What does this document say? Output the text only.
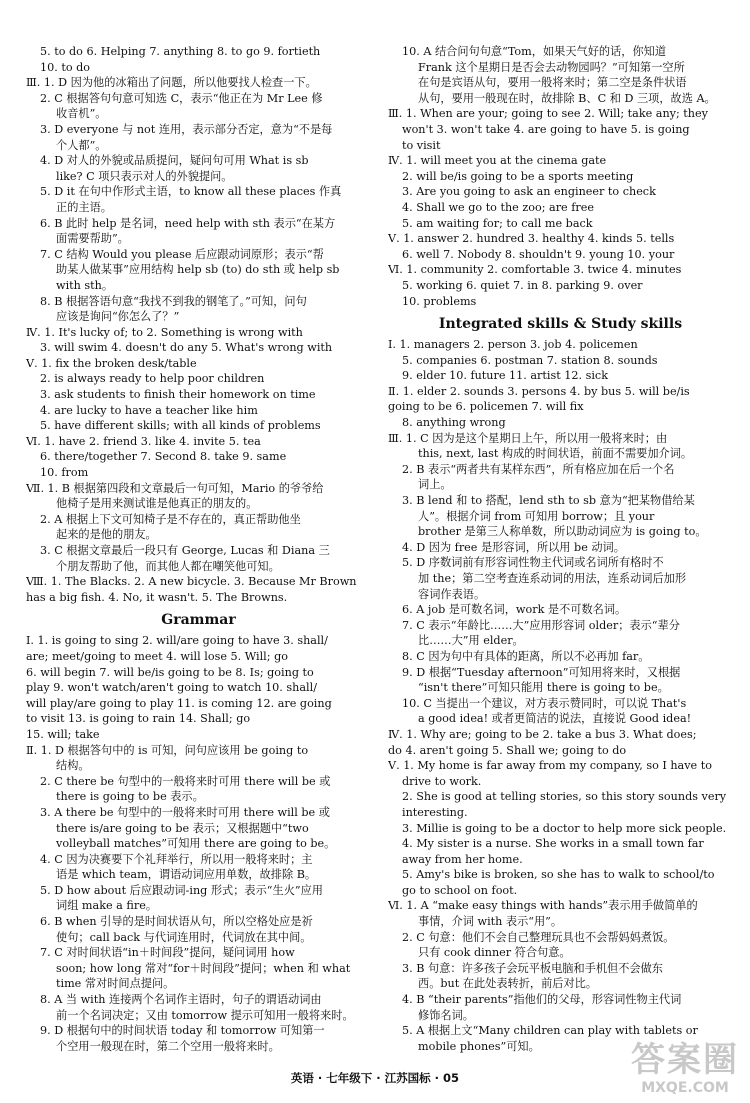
5. to do 6. Helping 7. anything 8. to go 9. fortieth
10. to do
Ⅲ. 1. D 因为他的冰箱出了问题，所以他要找人检查一下。
2. C 根据答句句意可知选 C，表示“他正在为 Mr Lee 修
收音机”。
3. D everyone 与 not 连用，表示部分否定，意为“不是每
个人都”。
4. D 对人的外貌或品质提问，疑问句可用 What is sb
like? C 项只表示对人的外貌提问。
5. D it 在句中作形式主语，to know all these places 作真
正的主语。
6. B 此时 help 是名词，need help with sth 表示“在某方
面需要帮助”。
7. C 结构 Would you please 后应跟动词原形；表示“帮
助某人做某事”应用结构 help sb (to) do sth 或 help sb
with sth。
8. B 根据答语句意“我找不到我的钢笔了。”可知，问句
应该是询问“你怎么了？”
Ⅳ. 1. It's lucky of; to 2. Something is wrong with
3. will swim 4. doesn't do any 5. What's wrong with
Ⅴ. 1. fix the broken desk/table
2. is always ready to help poor children
3. ask students to finish their homework on time
4. are lucky to have a teacher like him
5. have different skills; with all kinds of problems
Ⅵ. 1. have 2. friend 3. like 4. invite 5. tea
6. there/together 7. Second 8. take 9. same
10. from
Ⅶ. 1. B 根据第四段和文章最后一句可知，Mario 的爷爷给
他椅子是用来测试谁是他真正的朋友的。
2. A 根据上下文可知椅子是不存在的，真正帮助他坐
起来的是他的朋友。
3. C 根据文章最后一段只有 George, Lucas 和 Diana 三
个朋友帮助了他，而其他人都在嘲笑他可知。
Ⅷ. 1. The Blacks. 2. A new bicycle. 3. Because Mr Brown
has a big fish. 4. No, it wasn't. 5. The Browns.
Grammar
Ⅰ. 1. is going to sing 2. will/are going to have 3. shall/
are; meet/going to meet 4. will lose 5. Will; go
6. will begin 7. will be/is going to be 8. Is; going to
play 9. won't watch/aren't going to watch 10. shall/
will play/are going to play 11. is coming 12. are going
to visit 13. is going to rain 14. Shall; go
15. will; take
Ⅱ. 1. D 根据答句中的 is 可知，问句应该用 be going to
结构。
2. C there be 句型中的一般将来时可用 there will be 或
there is going to be 表示。
3. A there be 句型中的一般将来时可用 there will be 或
there is/are going to be 表示；又根据题中“two
volleyball matches”可知用 there are going to be。
4. C 因为决赛要下个礼拜举行，所以用一般将来时；主
语是 which team，谓语动词应用单数，故排除 B。
5. D how about 后应跟动词-ing 形式；表示“生火”应用
词组 make a fire。
6. B when 引导的是时间状语从句，所以空格处应是祈
使句；call back 与代词连用时，代词放在其中间。
7. C 对时间状语“in＋时间段”提问，疑问词用 how
soon; how long 常对“for＋时间段”提问；when 和 what
time 常对时间点提问。
8. A 当 with 连接两个名词作主语时，句子的谓语动词由
前一个名词决定；又由 tomorrow 提示可知用一般将来时。
9. D 根据句中的时间状语 today 和 tomorrow 可知第一
个空用一般现在时，第二个空用一般将来时。
10. A 结合问句句意“Tom，如果天气好的话，你知道
Frank 这个星期日是否会去动物园吗？”可知第一空所
在句是宾语从句，要用一般将来时；第二空是条件状语
从句，要用一般现在时，故排除 B、C 和 D 三项，故选 A。
Ⅲ. 1. When are your; going to see 2. Will; take any; they
won't 3. won't take 4. are going to have 5. is going
to visit
Ⅳ. 1. will meet you at the cinema gate
2. will be/is going to be a sports meeting
3. Are you going to ask an engineer to check
4. Shall we go to the zoo; are free
5. am waiting for; to call me back
Ⅴ. 1. answer 2. hundred 3. healthy 4. kinds 5. tells
6. well 7. Nobody 8. shouldn't 9. young 10. your
Ⅵ. 1. community 2. comfortable 3. twice 4. minutes
5. working 6. quiet 7. in 8. parking 9. over
10. problems
Integrated skills & Study skills
Ⅰ. 1. managers 2. person 3. job 4. policemen
5. companies 6. postman 7. station 8. sounds
9. elder 10. future 11. artist 12. sick
Ⅱ. 1. elder 2. sounds 3. persons 4. by bus 5. will be/is
going to be 6. policemen 7. will fix
8. anything wrong
Ⅲ. 1. C 因为是这个星期日上午，所以用一般将来时；由
this, next, last 构成的时间状语，前面不需要加介词。
2. B 表示“两者共有某样东西”，所有格应加在后一个名
词上。
3. B lend 和 to 搭配，lend sth to sb 意为“把某物借给某
人”。根据介词 from 可知用 borrow；且 your
brother 是第三人称单数，所以助动词应为 is going to。
4. D 因为 free 是形容词，所以用 be 动词。
5. D 序数词前有形容词性物主代词或名词所有格时不
加 the；第二空考查连系动词的用法，连系动词后加形
容词作表语。
6. A job 是可数名词，work 是不可数名词。
7. C 表示“年龄比……大”应用形容词 older；表示“辈分
比……大”用 elder。
8. C 因为句中有具体的距离，所以不必再加 far。
9. D 根据“Tuesday afternoon”可知用将来时，又根据
“isn't there”可知只能用 there is going to be。
10. C 当提出一个建议，对方表示赞同时，可以说 That's
a good idea! 或者更简洁的说法，直接说 Good idea!
Ⅳ. 1. Why are; going to be 2. take a bus 3. What does;
do 4. aren't going 5. Shall we; going to do
Ⅴ. 1. My home is far away from my company, so I have to
drive to work.
2. She is good at telling stories, so this story sounds very
interesting.
3. Millie is going to be a doctor to help more sick people.
4. My sister is a nurse. She works in a small town far
away from her home.
5. Amy's bike is broken, so she has to walk to school/to
go to school on foot.
Ⅵ. 1. A “make easy things with hands”表示用手做简单的
事情，介词 with 表示“用”。
2. C 句意：他们不会自己整理玩具也不会帮妈妈煮饭。
只有 cook dinner 符合句意。
3. B 句意：许多孩子会玩平板电脑和手机但不会做东
西。but 在此处表转折，前后对比。
4. B “their parents”指他们的父母，形容词性物主代词
修饰名词。
5. A 根据上文“Many children can play with tablets or
mobile phones”可知。
英语 · 七年级下 · 江苏国标 · 05	答案圈
MXQE.COM
